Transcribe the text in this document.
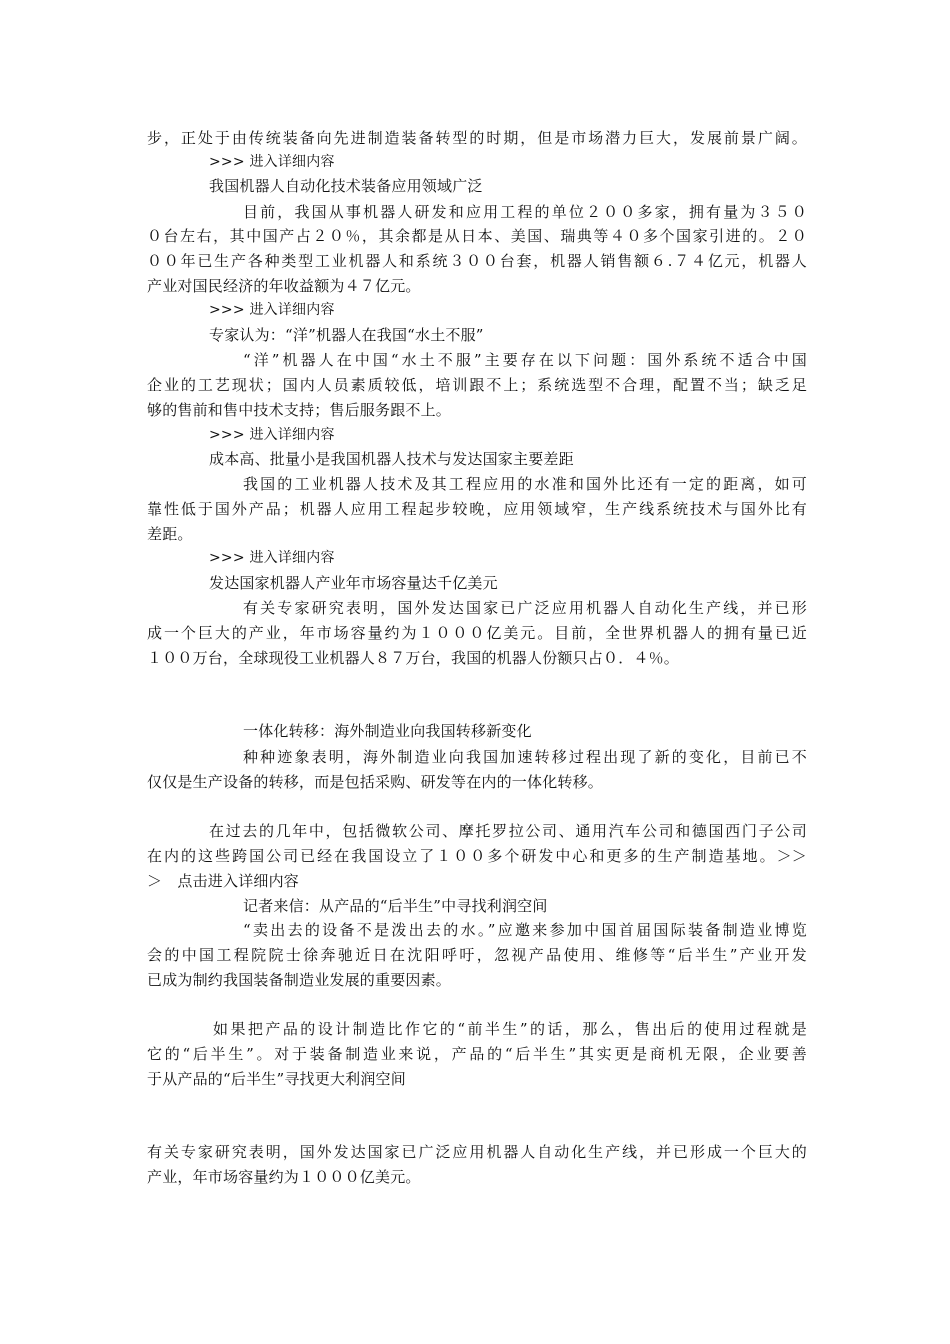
步，正处于由传统装备向先进制造装备转型的时期，但是市场潜力巨大，发展前景广阔。
>>> 进入详细内容
我国机器人自动化技术装备应用领域广泛
目前，我国从事机器人研发和应用工程的单位２００多家，拥有量为３５０
０台左右，其中国产占２０％，其余都是从日本、美国、瑞典等４０多个国家引进的。２０
００年已生产各种类型工业机器人和系统３００台套，机器人销售额６.７４亿元，机器人
产业对国民经济的年收益额为４７亿元。
>>> 进入详细内容
专家认为：“洋”机器人在我国“水土不服”
“洋”机器人在中国“水土不服”主要存在以下问题：国外系统不适合中国
企业的工艺现状；国内人员素质较低，培训跟不上；系统选型不合理，配置不当；缺乏足
够的售前和售中技术支持；售后服务跟不上。
>>> 进入详细内容
成本高、批量小是我国机器人技术与发达国家主要差距
我国的工业机器人技术及其工程应用的水准和国外比还有一定的距离，如可
靠性低于国外产品；机器人应用工程起步较晚，应用领域窄，生产线系统技术与国外比有
差距。
>>> 进入详细内容
发达国家机器人产业年市场容量达千亿美元
有关专家研究表明，国外发达国家已广泛应用机器人自动化生产线，并已形
成一个巨大的产业，年市场容量约为１０００亿美元。目前，全世界机器人的拥有量已近
１００万台，全球现役工业机器人８７万台，我国的机器人份额只占０．４％。
一体化转移：海外制造业向我国转移新变化
种种迹象表明，海外制造业向我国加速转移过程出现了新的变化，目前已不
仅仅是生产设备的转移，而是包括采购、研发等在内的一体化转移。
在过去的几年中，包括微软公司、摩托罗拉公司、通用汽车公司和德国西门子公司
在内的这些跨国公司已经在我国设立了１００多个研发中心和更多的生产制造基地。＞＞
＞　点击进入详细内容
记者来信：从产品的“后半生”中寻找利润空间
“卖出去的设备不是泼出去的水。”应邀来参加中国首届国际装备制造业博览
会的中国工程院院士徐奔驰近日在沈阳呼吁，忽视产品使用、维修等“后半生”产业开发
已成为制约我国装备制造业发展的重要因素。
如果把产品的设计制造比作它的“前半生”的话，那么，售出后的使用过程就是
它的“后半生”。对于装备制造业来说，产品的“后半生”其实更是商机无限，企业要善
于从产品的“后半生”寻找更大利润空间
有关专家研究表明，国外发达国家已广泛应用机器人自动化生产线，并已形成一个巨大的
产业，年市场容量约为１０００亿美元。
